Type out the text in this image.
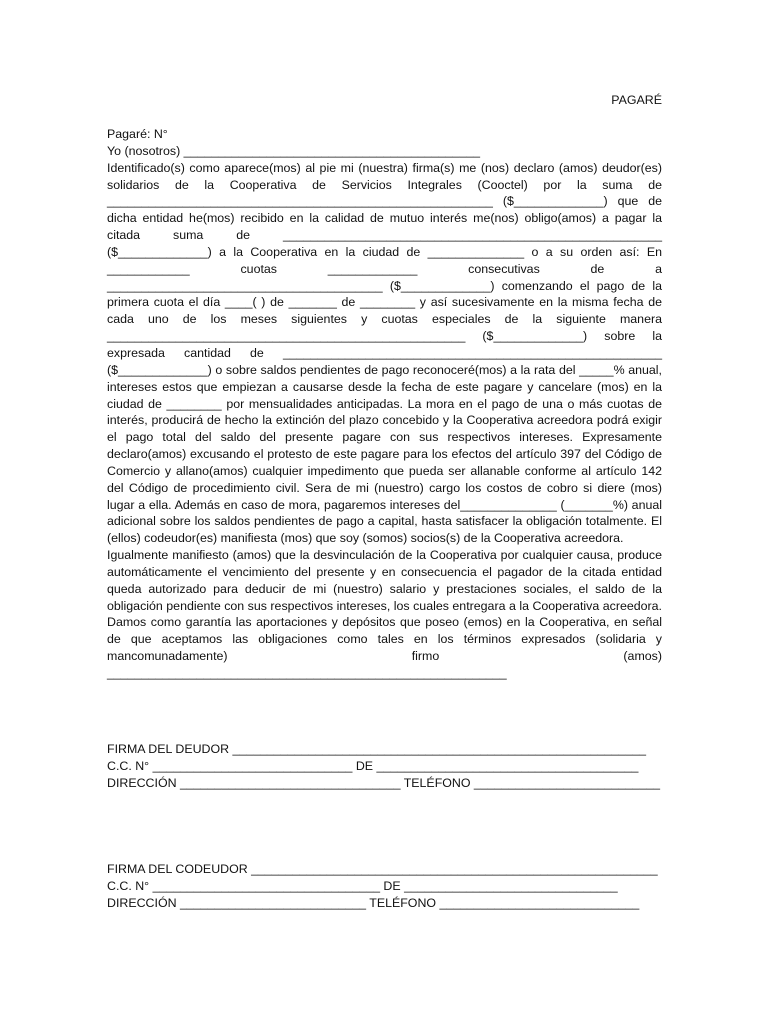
PAGARÉ

Pagaré: N°

Yo (nosotros) ___________________________________________

Identificado(s) como aparece(mos) al pie mi (nuestra) firma(s) me (nos) declaro (amos) deudor(es) solidarios de la Cooperativa de Servicios Integrales (Cooctel) por la suma de ________________________________________________________ ($_____________) que de dicha entidad he(mos) recibido en la calidad de mutuo interés me(nos) obligo(amos) a pagar la citada suma de _______________________________________________________ ($_____________) a la Cooperativa en la ciudad de ______________ o a su orden así: En ____________ cuotas _____________ consecutivas de a ________________________________________ ($_____________) comenzando el pago de la primera cuota el día ____( ) de _______ de ________ y así sucesivamente en la misma fecha de cada uno de los meses siguientes y cuotas especiales de la siguiente manera ____________________________________________________ ($_____________) sobre la expresada cantidad de _______________________________________________________ ($_____________) o sobre saldos pendientes de pago reconoceré(mos) a la rata del _____% anual, intereses estos que empiezan a causarse desde la fecha de este pagare y cancelare (mos) en la ciudad de ________ por mensualidades anticipadas. La mora en el pago de una o más cuotas de interés, producirá de hecho la extinción del plazo concebido y la Cooperativa acreedora podrá exigir el pago total del saldo del presente pagare con sus respectivos intereses. Expresamente declaro(amos) excusando el protesto de este pagare para los efectos del artículo 397 del Código de Comercio y allano(amos) cualquier impedimento que pueda ser allanable conforme al artículo 142 del Código de procedimiento civil. Sera de mi (nuestro) cargo los costos de cobro si diere (mos) lugar a ella. Además en caso de mora, pagaremos intereses del______________ (_______%) anual adicional sobre los saldos pendientes de pago a capital, hasta satisfacer la obligación totalmente. El (ellos) codeudor(es) manifiesta (mos) que soy (somos) socios(s) de la Cooperativa acreedora.

Igualmente manifiesto (amos) que la desvinculación de la Cooperativa por cualquier causa, produce automáticamente el vencimiento del presente y en consecuencia el pagador de la citada entidad queda autorizado para deducir de mi (nuestro) salario y prestaciones sociales, el saldo de la obligación pendiente con sus respectivos intereses, los cuales entregara a la Cooperativa acreedora. Damos como garantía las aportaciones y depósitos que poseo (emos) en la Cooperativa, en señal de que aceptamos las obligaciones como tales en los términos expresados (solidaria y mancomunadamente) firmo (amos) __________________________________________________________

FIRMA DEL DEUDOR ____________________________________________________________
C.C. N° _____________________________ DE ______________________________________
DIRECCIÓN ________________________________ TELÉFONO ___________________________
FIRMA DEL CODEUDOR ___________________________________________________________
C.C. N° _________________________________ DE _______________________________
DIRECCIÓN ___________________________ TELÉFONO _____________________________
